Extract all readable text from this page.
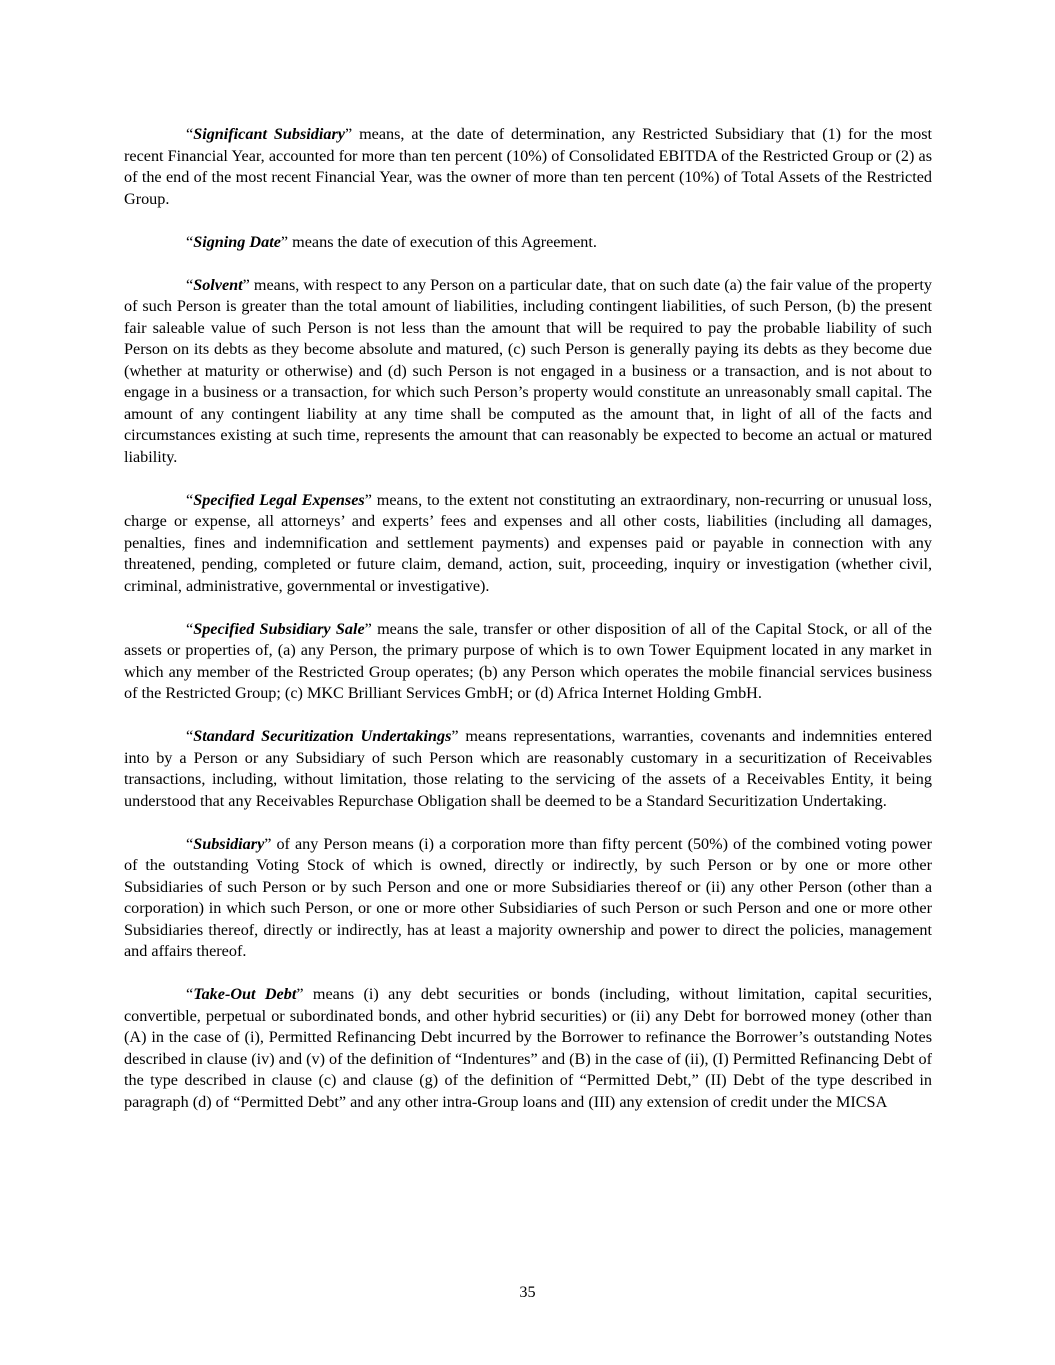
“Significant Subsidiary” means, at the date of determination, any Restricted Subsidiary that (1) for the most recent Financial Year, accounted for more than ten percent (10%) of Consolidated EBITDA of the Restricted Group or (2) as of the end of the most recent Financial Year, was the owner of more than ten percent (10%) of Total Assets of the Restricted Group.

“Signing Date” means the date of execution of this Agreement.

“Solvent” means, with respect to any Person on a particular date, that on such date (a) the fair value of the property of such Person is greater than the total amount of liabilities, including contingent liabilities, of such Person, (b) the present fair saleable value of such Person is not less than the amount that will be required to pay the probable liability of such Person on its debts as they become absolute and matured, (c) such Person is generally paying its debts as they become due (whether at maturity or otherwise) and (d) such Person is not engaged in a business or a transaction, and is not about to engage in a business or a transaction, for which such Person’s property would constitute an unreasonably small capital. The amount of any contingent liability at any time shall be computed as the amount that, in light of all of the facts and circumstances existing at such time, represents the amount that can reasonably be expected to become an actual or matured liability.

“Specified Legal Expenses” means, to the extent not constituting an extraordinary, non-recurring or unusual loss, charge or expense, all attorneys’ and experts’ fees and expenses and all other costs, liabilities (including all damages, penalties, fines and indemnification and settlement payments) and expenses paid or payable in connection with any threatened, pending, completed or future claim, demand, action, suit, proceeding, inquiry or investigation (whether civil, criminal, administrative, governmental or investigative).

“Specified Subsidiary Sale” means the sale, transfer or other disposition of all of the Capital Stock, or all of the assets or properties of, (a) any Person, the primary purpose of which is to own Tower Equipment located in any market in which any member of the Restricted Group operates; (b) any Person which operates the mobile financial services business of the Restricted Group; (c) MKC Brilliant Services GmbH; or (d) Africa Internet Holding GmbH.

“Standard Securitization Undertakings” means representations, warranties, covenants and indemnities entered into by a Person or any Subsidiary of such Person which are reasonably customary in a securitization of Receivables transactions, including, without limitation, those relating to the servicing of the assets of a Receivables Entity, it being understood that any Receivables Repurchase Obligation shall be deemed to be a Standard Securitization Undertaking.

“Subsidiary” of any Person means (i) a corporation more than fifty percent (50%) of the combined voting power of the outstanding Voting Stock of which is owned, directly or indirectly, by such Person or by one or more other Subsidiaries of such Person or by such Person and one or more Subsidiaries thereof or (ii) any other Person (other than a corporation) in which such Person, or one or more other Subsidiaries of such Person or such Person and one or more other Subsidiaries thereof, directly or indirectly, has at least a majority ownership and power to direct the policies, management and affairs thereof.

“Take-Out Debt” means (i) any debt securities or bonds (including, without limitation, capital securities, convertible, perpetual or subordinated bonds, and other hybrid securities) or (ii) any Debt for borrowed money (other than (A) in the case of (i), Permitted Refinancing Debt incurred by the Borrower to refinance the Borrower’s outstanding Notes described in clause (iv) and (v) of the definition of “Indentures” and (B) in the case of (ii), (I) Permitted Refinancing Debt of the type described in clause (c) and clause (g) of the definition of “Permitted Debt,” (II) Debt of the type described in paragraph (d) of “Permitted Debt” and any other intra-Group loans and (III) any extension of credit under the MICSA

35
